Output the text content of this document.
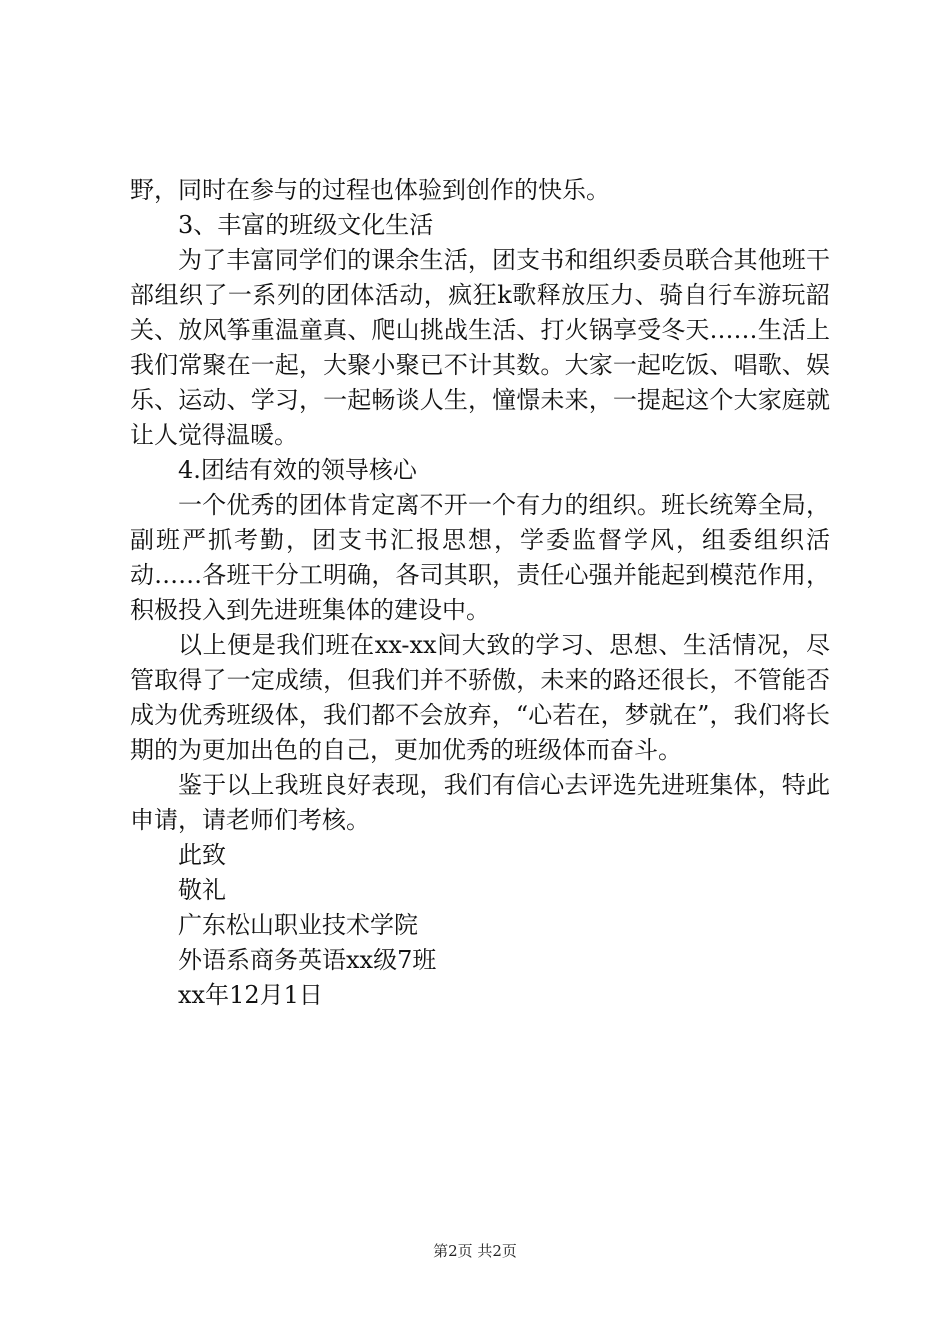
野，同时在参与的过程也体验到创作的快乐。

3、丰富的班级文化生活

为了丰富同学们的课余生活，团支书和组织委员联合其他班干部组织了一系列的团体活动，疯狂k歌释放压力、骑自行车游玩韶关、放风筝重温童真、爬山挑战生活、打火锅享受冬天……生活上我们常聚在一起，大聚小聚已不计其数。大家一起吃饭、唱歌、娱乐、运动、学习，一起畅谈人生，憧憬未来，一提起这个大家庭就让人觉得温暖。

4.团结有效的领导核心

一个优秀的团体肯定离不开一个有力的组织。班长统筹全局，副班严抓考勤，团支书汇报思想，学委监督学风，组委组织活动……各班干分工明确，各司其职，责任心强并能起到模范作用，积极投入到先进班集体的建设中。

以上便是我们班在xx-xx间大致的学习、思想、生活情况，尽管取得了一定成绩，但我们并不骄傲，未来的路还很长，不管能否成为优秀班级体，我们都不会放弃，“心若在，梦就在”，我们将长期的为更加出色的自己，更加优秀的班级体而奋斗。

鉴于以上我班良好表现，我们有信心去评选先进班集体，特此申请，请老师们考核。

此致

敬礼

广东松山职业技术学院

外语系商务英语xx级7班

xx年12月1日

第2页 共2页
